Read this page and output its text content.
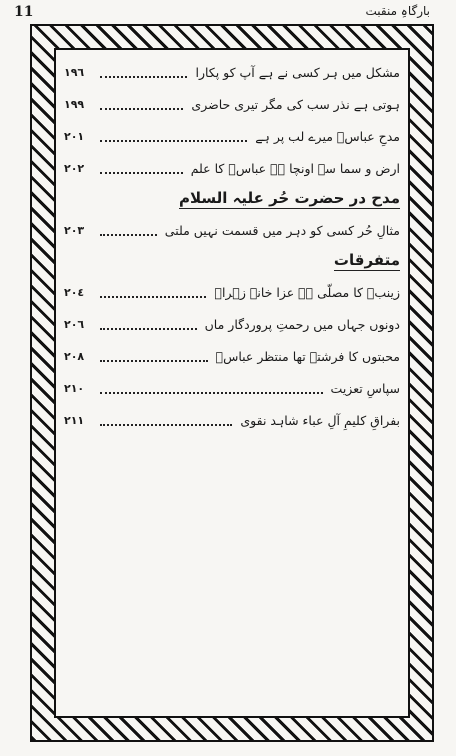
11	بارگاہِ منقبت
مشکل میں ہر کسی نے ہے آپ کو پکارا
١٩٦
ہوتی ہے نذر سب کی مگر تیری حاضری
١٩٩
مدحِ عباسؑ میرے لب پر ہے
٢٠١
ارض و سما سے اونچا ہے عباسؑ کا علم
٢٠٢
مدح در حضرت حُر علیہ السلام
مثالِ حُر کسی کو دہر میں قسمت نہیں ملتی
٢٠٣
متفرقات
زینبؑ کا مصلّی ہے عزا خانۂ زہراؑ
٢٠٤
دونوں جہاں میں رحمتِ پروردگار ماں
٢٠٦
محبتوں کا فرشتہ تھا منتظر عباسؑ
٢٠٨
سپاسِ تعزیت
٢١٠
بفراقِ کلیمِ آلِ عباء شاہد نقوی
٢١١
